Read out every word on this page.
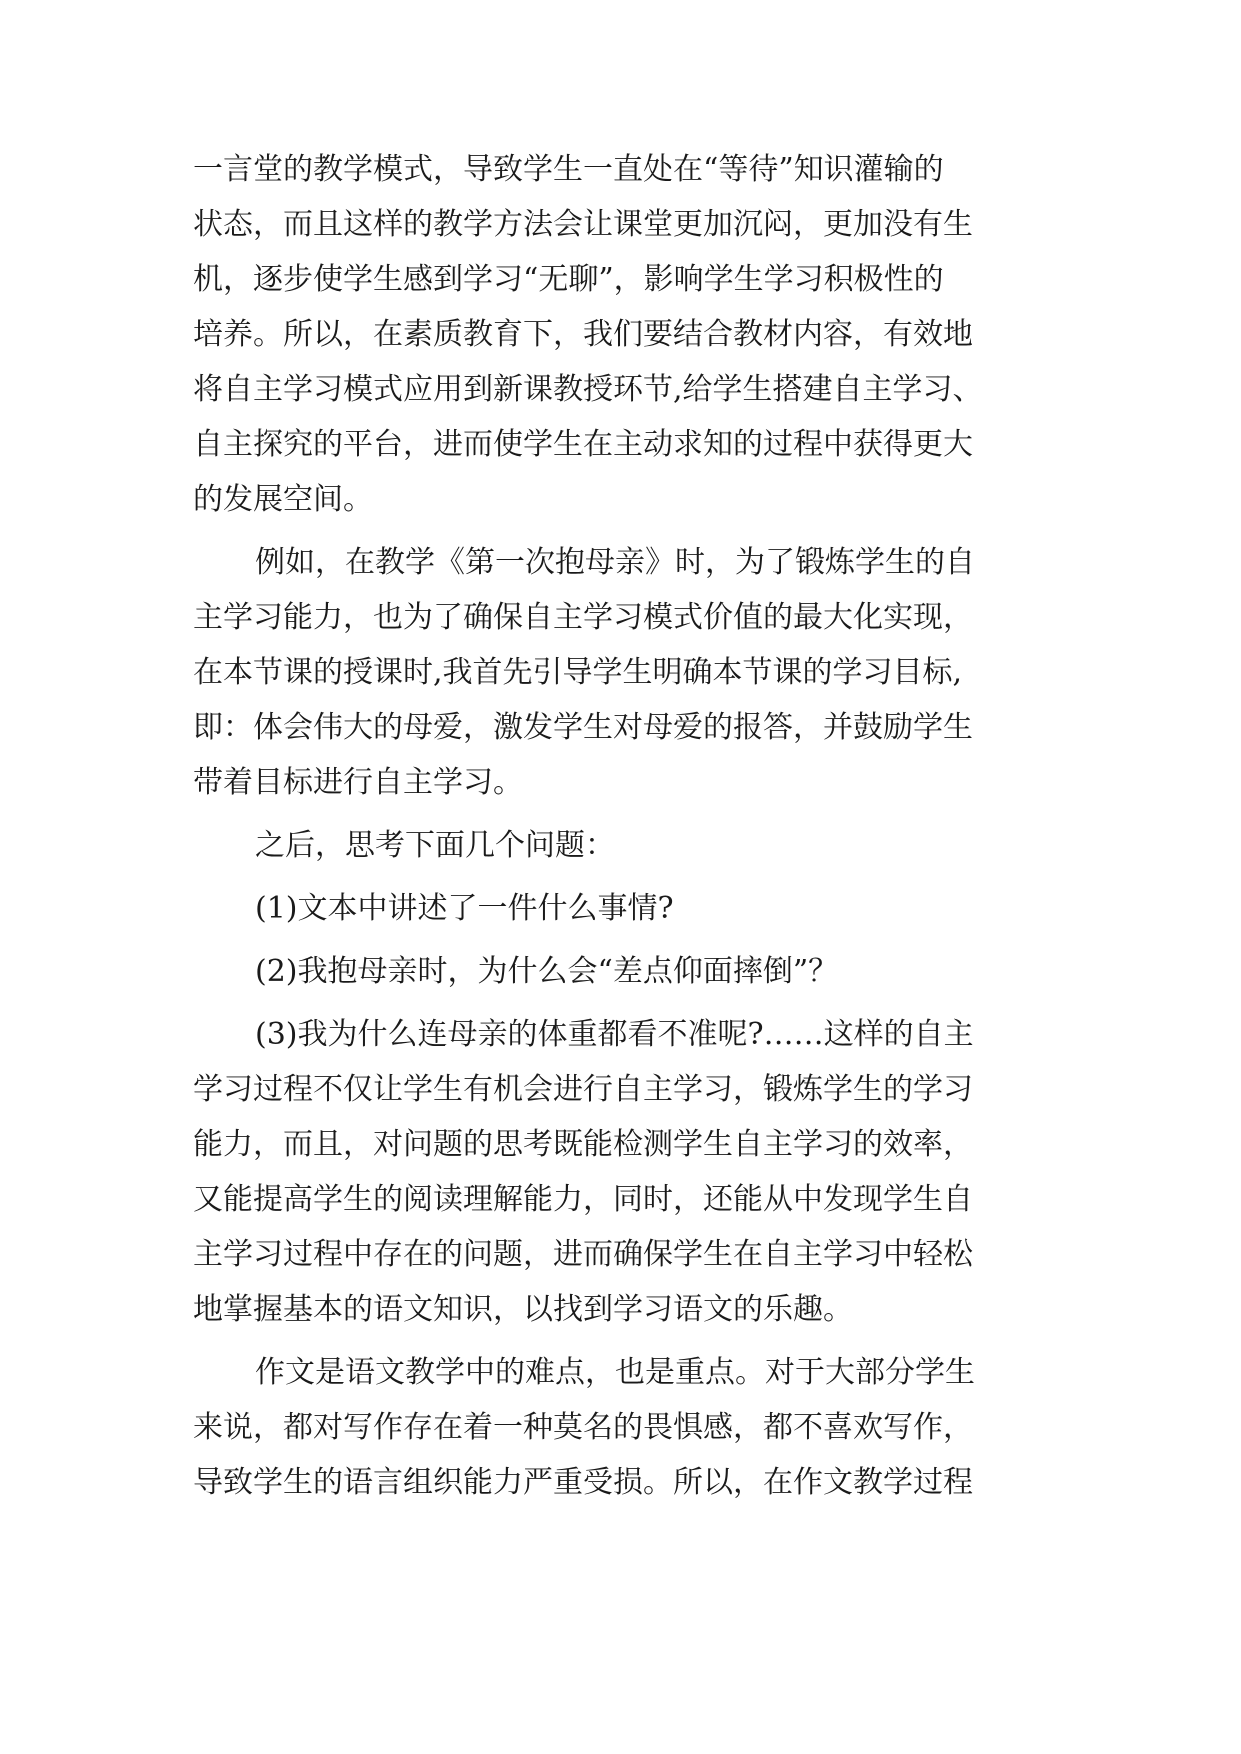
一言堂的教学模式，导致学生一直处在“等待”知识灌输的
状态，而且这样的教学方法会让课堂更加沉闷，更加没有生
机，逐步使学生感到学习“无聊”，影响学生学习积极性的
培养。所以，在素质教育下，我们要结合教材内容，有效地
将自主学习模式应用到新课教授环节,给学生搭建自主学习、
自主探究的平台，进而使学生在主动求知的过程中获得更大
的发展空间。
例如，在教学《第一次抱母亲》时，为了锻炼学生的自
主学习能力，也为了确保自主学习模式价值的最大化实现，
在本节课的授课时,我首先引导学生明确本节课的学习目标,
即：体会伟大的母爱，激发学生对母爱的报答，并鼓励学生
带着目标进行自主学习。
之后，思考下面几个问题：
(1)文本中讲述了一件什么事情?
(2)我抱母亲时，为什么会“差点仰面摔倒”？
(3)我为什么连母亲的体重都看不准呢?……这样的自主
学习过程不仅让学生有机会进行自主学习，锻炼学生的学习
能力，而且，对问题的思考既能检测学生自主学习的效率，
又能提高学生的阅读理解能力，同时，还能从中发现学生自
主学习过程中存在的问题，进而确保学生在自主学习中轻松
地掌握基本的语文知识，以找到学习语文的乐趣。
作文是语文教学中的难点，也是重点。对于大部分学生
来说，都对写作存在着一种莫名的畏惧感，都不喜欢写作，
导致学生的语言组织能力严重受损。所以，在作文教学过程
